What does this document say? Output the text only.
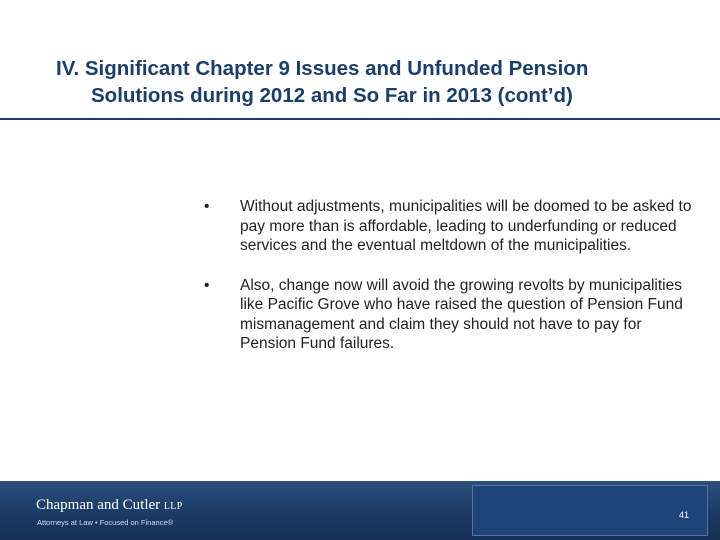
IV. Significant Chapter 9 Issues and Unfunded Pension
Solutions during 2012 and So Far in 2013 (cont’d)
• Without adjustments, municipalities will be doomed to be asked to pay more than is affordable, leading to underfunding or reduced services and the eventual meltdown of the municipalities.
• Also, change now will avoid the growing revolts by municipalities like Pacific Grove who have raised the question of Pension Fund mismanagement and claim they should not have to pay for Pension Fund failures.
Chapman and Cutler LLP
Attorneys at Law • Focused on Finance®
41
